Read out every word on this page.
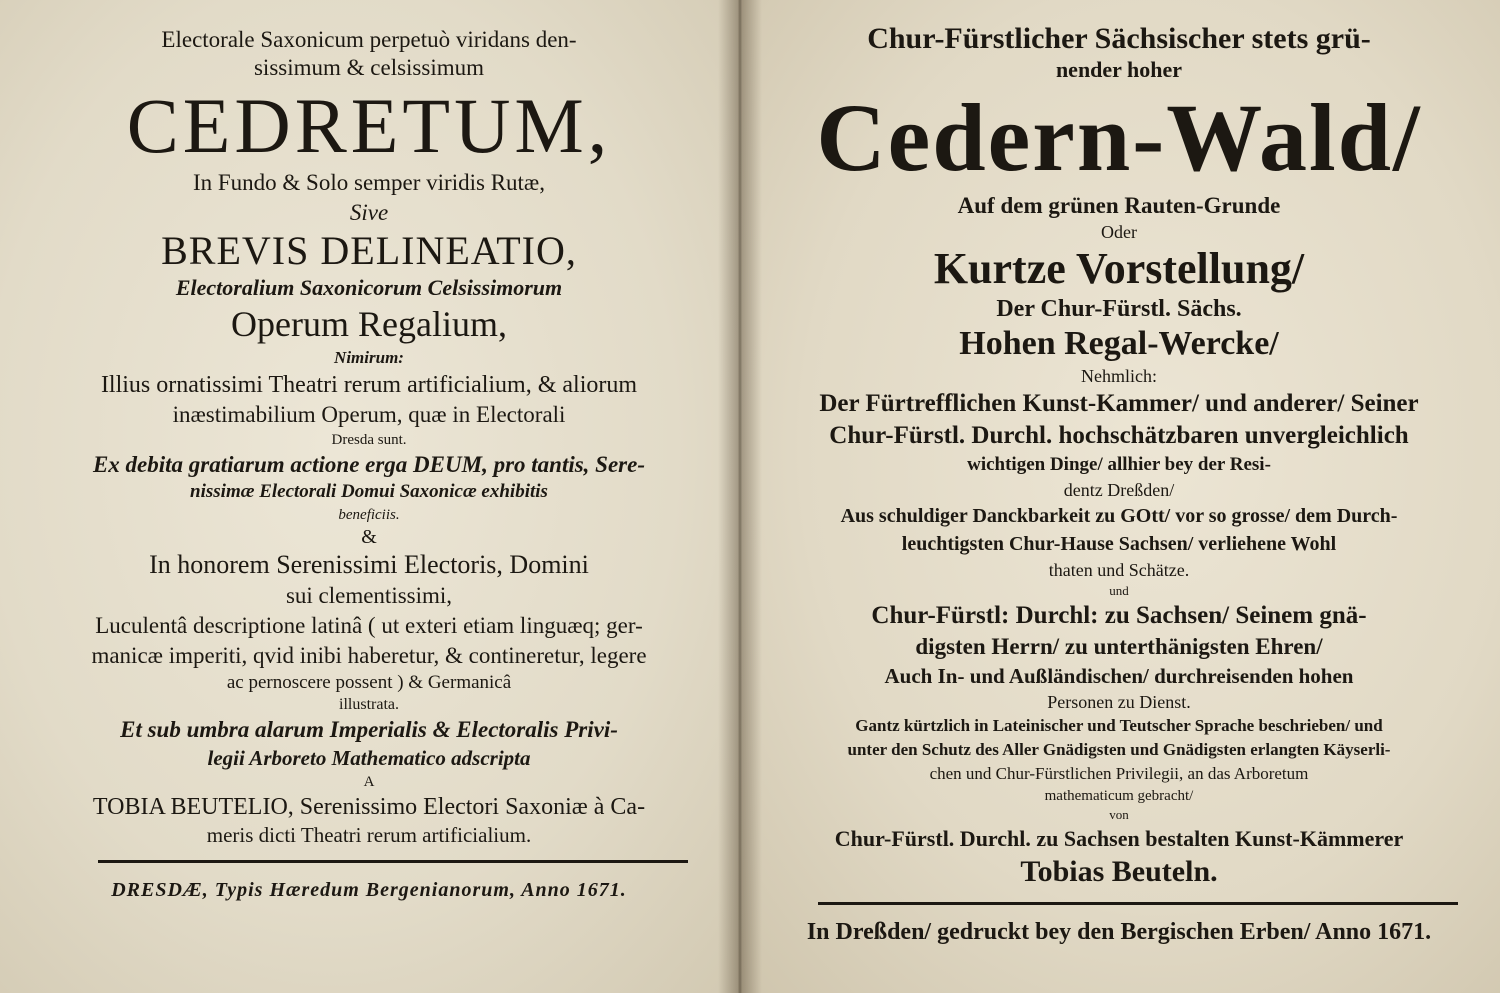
Electorale Saxonicum perpetuò viridans den-
sissimum & celsissimum
CEDRETUM,
In Fundo & Solo semper viridis Rutæ,
Sive
BREVIS DELINEATIO,
Electoralium Saxonicorum Celsissimorum
Operum Regalium,
Nimirum:
Illius ornatissimi Theatri rerum artificialium, & aliorum
inæstimabilium Operum, quæ in Electorali
Dresda sunt.
Ex debita gratiarum actione erga DEUM, pro tantis, Sere-
nissimæ Electorali Domui Saxonicæ exhibitis
beneficiis.
&
In honorem Serenissimi Electoris, Domini
sui clementissimi,
Luculentâ descriptione latinâ ( ut exteri etiam linguæq; ger-
manicæ imperiti, qvid inibi haberetur, & contineretur, legere
ac pernoscere possent ) & Germanicâ
illustrata.
Et sub umbra alarum Imperialis & Electoralis Privi-
legii Arboreto Mathematico adscripta
A
TOBIA BEUTELIO, Serenissimo Electori Saxoniæ à Ca-
meris dicti Theatri rerum artificialium.
DRESDÆ, Typis Hæredum Bergenianorum, Anno 1671.
Chur-Fürstlicher Sächsischer stets grü-
nender hoher
Cedern-Wald/
Auf dem grünen Rauten-Grunde
Oder
Kurtze Vorstellung/
Der Chur-Fürstl. Sächs.
Hohen Regal-Wercke/
Nehmlich:
Der Fürtrefflichen Kunst-Kammer/ und anderer/ Seiner
Chur-Fürstl. Durchl. hochschätzbaren unvergleichlich
wichtigen Dinge/ allhier bey der Resi-
dentz Dreßden/
Aus schuldiger Danckbarkeit zu GOtt/ vor so grosse/ dem Durch-
leuchtigsten Chur-Hause Sachsen/ verliehene Wohl
thaten und Schätze.
und
Chur-Fürstl: Durchl: zu Sachsen/ Seinem gnä-
digsten Herrn/ zu unterthänigsten Ehren/
Auch In- und Außländischen/ durchreisenden hohen
Personen zu Dienst.
Gantz kürtzlich in Lateinischer und Teutscher Sprache beschrieben/ und
unter den Schutz des Aller Gnädigsten und Gnädigsten erlangten Käyserli-
chen und Chur-Fürstlichen Privilegii, an das Arboretum
mathematicum gebracht/
von
Chur-Fürstl. Durchl. zu Sachsen bestalten Kunst-Kämmerer
Tobias Beuteln.
In Dreßden/ gedruckt bey den Bergischen Erben/ Anno 1671.
